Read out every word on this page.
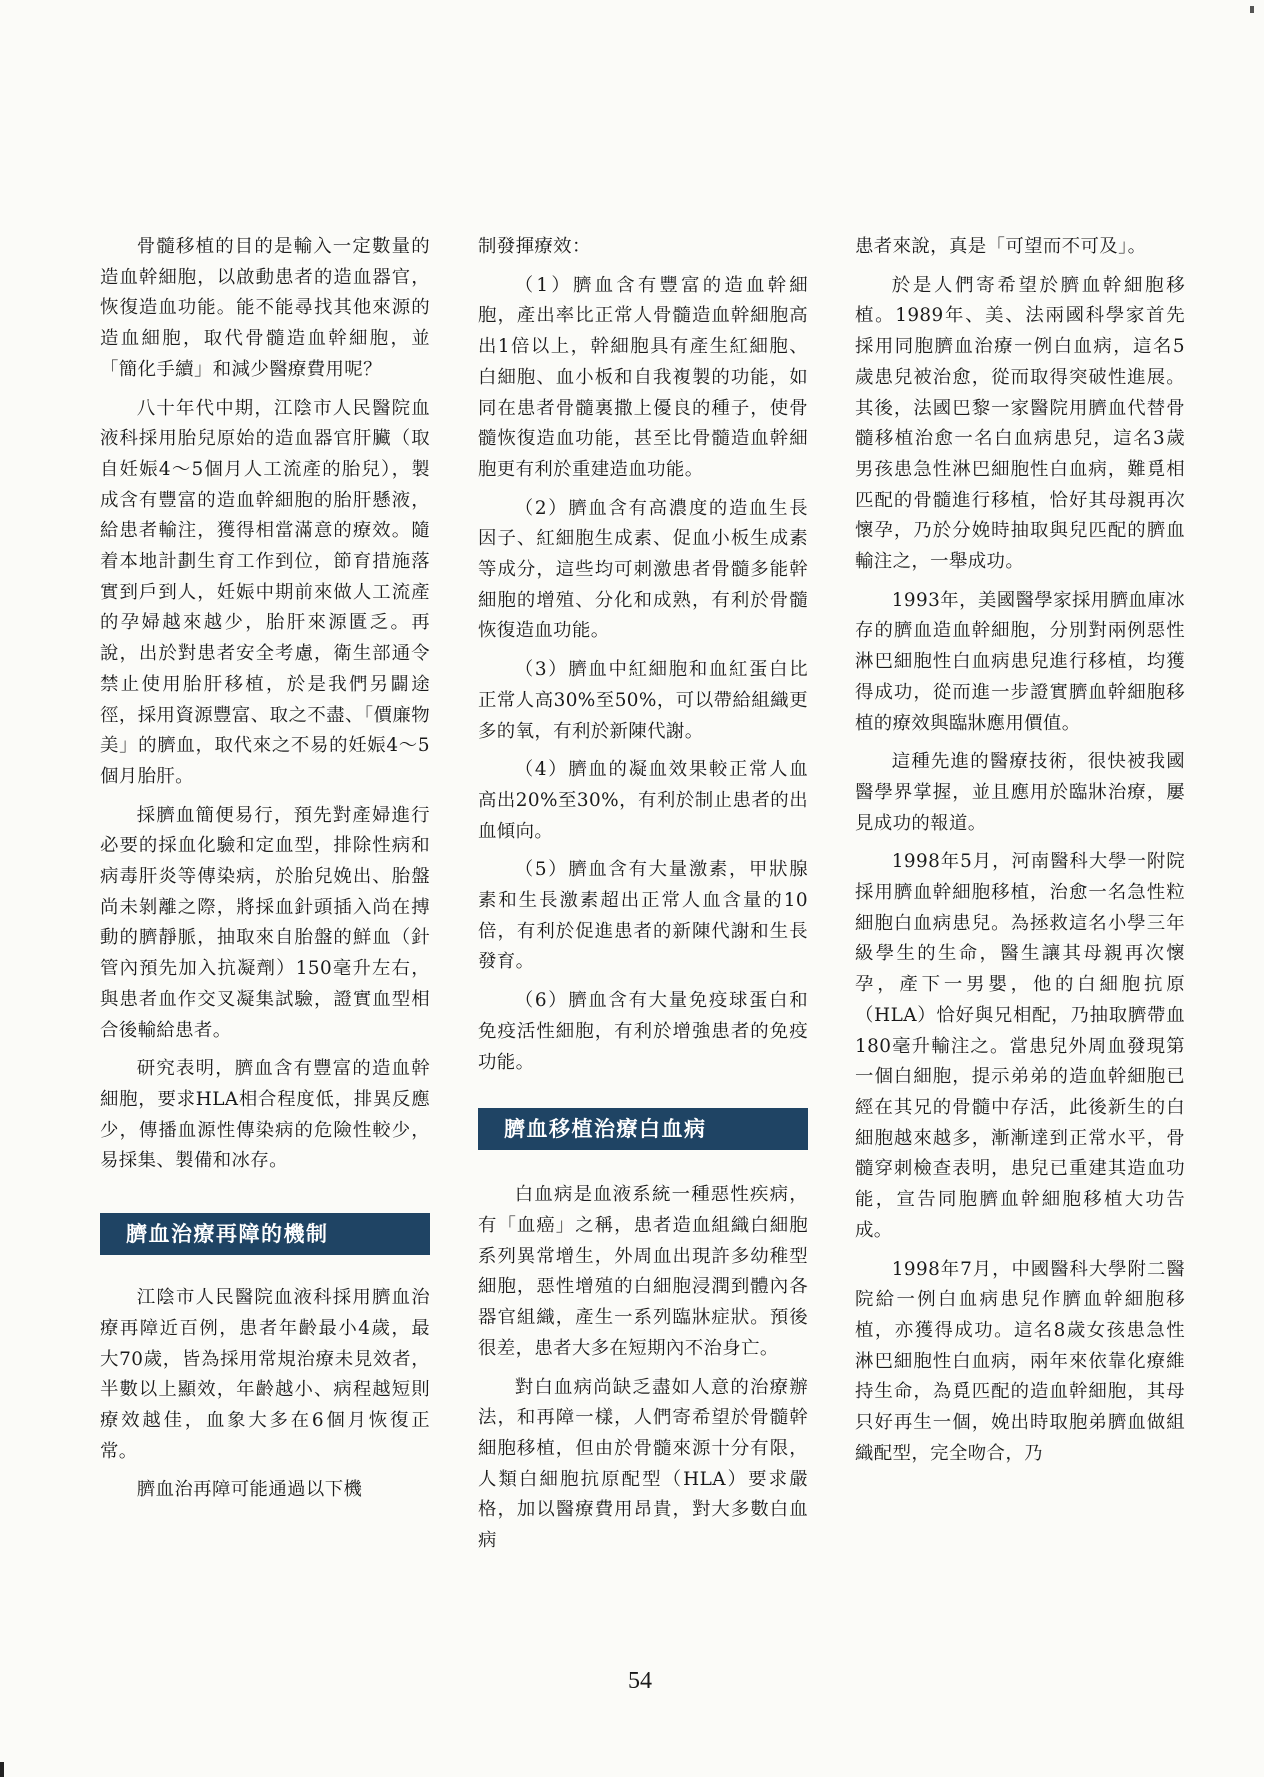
骨髓移植的目的是輸入一定數量的造血幹細胞，以啟動患者的造血器官，恢復造血功能。能不能尋找其他來源的造血細胞，取代骨髓造血幹細胞，並「簡化手續」和減少醫療費用呢？

八十年代中期，江陰市人民醫院血液科採用胎兒原始的造血器官肝臟（取自妊娠4～5個月人工流產的胎兒），製成含有豐富的造血幹細胞的胎肝懸液，給患者輸注，獲得相當滿意的療效。隨着本地計劃生育工作到位，節育措施落實到戶到人，妊娠中期前來做人工流產的孕婦越來越少，胎肝來源匱乏。再說，出於對患者安全考慮，衛生部通令禁止使用胎肝移植，於是我們另闢途徑，採用資源豐富、取之不盡、「價廉物美」的臍血，取代來之不易的妊娠4～5個月胎肝。

採臍血簡便易行，預先對產婦進行必要的採血化驗和定血型，排除性病和病毒肝炎等傳染病，於胎兒娩出、胎盤尚未剝離之際，將採血針頭插入尚在搏動的臍靜脈，抽取來自胎盤的鮮血（針管內預先加入抗凝劑）150毫升左右，與患者血作交叉凝集試驗，證實血型相合後輸給患者。

研究表明，臍血含有豐富的造血幹細胞，要求HLA相合程度低，排異反應少，傳播血源性傳染病的危險性較少，易採集、製備和冰存。

臍血治療再障的機制

江陰市人民醫院血液科採用臍血治療再障近百例，患者年齡最小4歲，最大70歲，皆為採用常規治療未見效者，半數以上顯效，年齡越小、病程越短則療效越佳，血象大多在6個月恢復正常。

臍血治再障可能通過以下機

制發揮療效：

（1）臍血含有豐富的造血幹細胞，產出率比正常人骨髓造血幹細胞高出1倍以上，幹細胞具有產生紅細胞、白細胞、血小板和自我複製的功能，如同在患者骨髓裏撒上優良的種子，使骨髓恢復造血功能，甚至比骨髓造血幹細胞更有利於重建造血功能。

（2）臍血含有高濃度的造血生長因子、紅細胞生成素、促血小板生成素等成分，這些均可刺激患者骨髓多能幹細胞的增殖、分化和成熟，有利於骨髓恢復造血功能。

（3）臍血中紅細胞和血紅蛋白比正常人高30%至50%，可以帶給組織更多的氧，有利於新陳代謝。

（4）臍血的凝血效果較正常人血高出20%至30%，有利於制止患者的出血傾向。

（5）臍血含有大量激素，甲狀腺素和生長激素超出正常人血含量的10倍，有利於促進患者的新陳代謝和生長發育。

（6）臍血含有大量免疫球蛋白和免疫活性細胞，有利於增強患者的免疫功能。

臍血移植治療白血病

白血病是血液系統一種惡性疾病，有「血癌」之稱，患者造血組織白細胞系列異常增生，外周血出現許多幼稚型細胞，惡性增殖的白細胞浸潤到體內各器官組織，產生一系列臨牀症狀。預後很差，患者大多在短期內不治身亡。

對白血病尚缺乏盡如人意的治療辦法，和再障一樣，人們寄希望於骨髓幹細胞移植，但由於骨髓來源十分有限，人類白細胞抗原配型（HLA）要求嚴格，加以醫療費用昂貴，對大多數白血病

患者來說，真是「可望而不可及」。

於是人們寄希望於臍血幹細胞移植。1989年、美、法兩國科學家首先採用同胞臍血治療一例白血病，這名5歲患兒被治愈，從而取得突破性進展。其後，法國巴黎一家醫院用臍血代替骨髓移植治愈一名白血病患兒，這名3歲男孩患急性淋巴細胞性白血病，難覓相匹配的骨髓進行移植，恰好其母親再次懷孕，乃於分娩時抽取與兒匹配的臍血輸注之，一舉成功。

1993年，美國醫學家採用臍血庫冰存的臍血造血幹細胞，分別對兩例惡性淋巴細胞性白血病患兒進行移植，均獲得成功，從而進一步證實臍血幹細胞移植的療效與臨牀應用價值。

這種先進的醫療技術，很快被我國醫學界掌握，並且應用於臨牀治療，屢見成功的報道。

1998年5月，河南醫科大學一附院採用臍血幹細胞移植，治愈一名急性粒細胞白血病患兒。為拯救這名小學三年級學生的生命，醫生讓其母親再次懷孕，產下一男嬰，他的白細胞抗原（HLA）恰好與兄相配，乃抽取臍帶血180毫升輸注之。當患兒外周血發現第一個白細胞，提示弟弟的造血幹細胞已經在其兄的骨髓中存活，此後新生的白細胞越來越多，漸漸達到正常水平，骨髓穿刺檢查表明，患兒已重建其造血功能，宣告同胞臍血幹細胞移植大功告成。

1998年7月，中國醫科大學附二醫院給一例白血病患兒作臍血幹細胞移植，亦獲得成功。這名8歲女孩患急性淋巴細胞性白血病，兩年來依靠化療維持生命，為覓匹配的造血幹細胞，其母只好再生一個，娩出時取胞弟臍血做組織配型，完全吻合，乃

54
